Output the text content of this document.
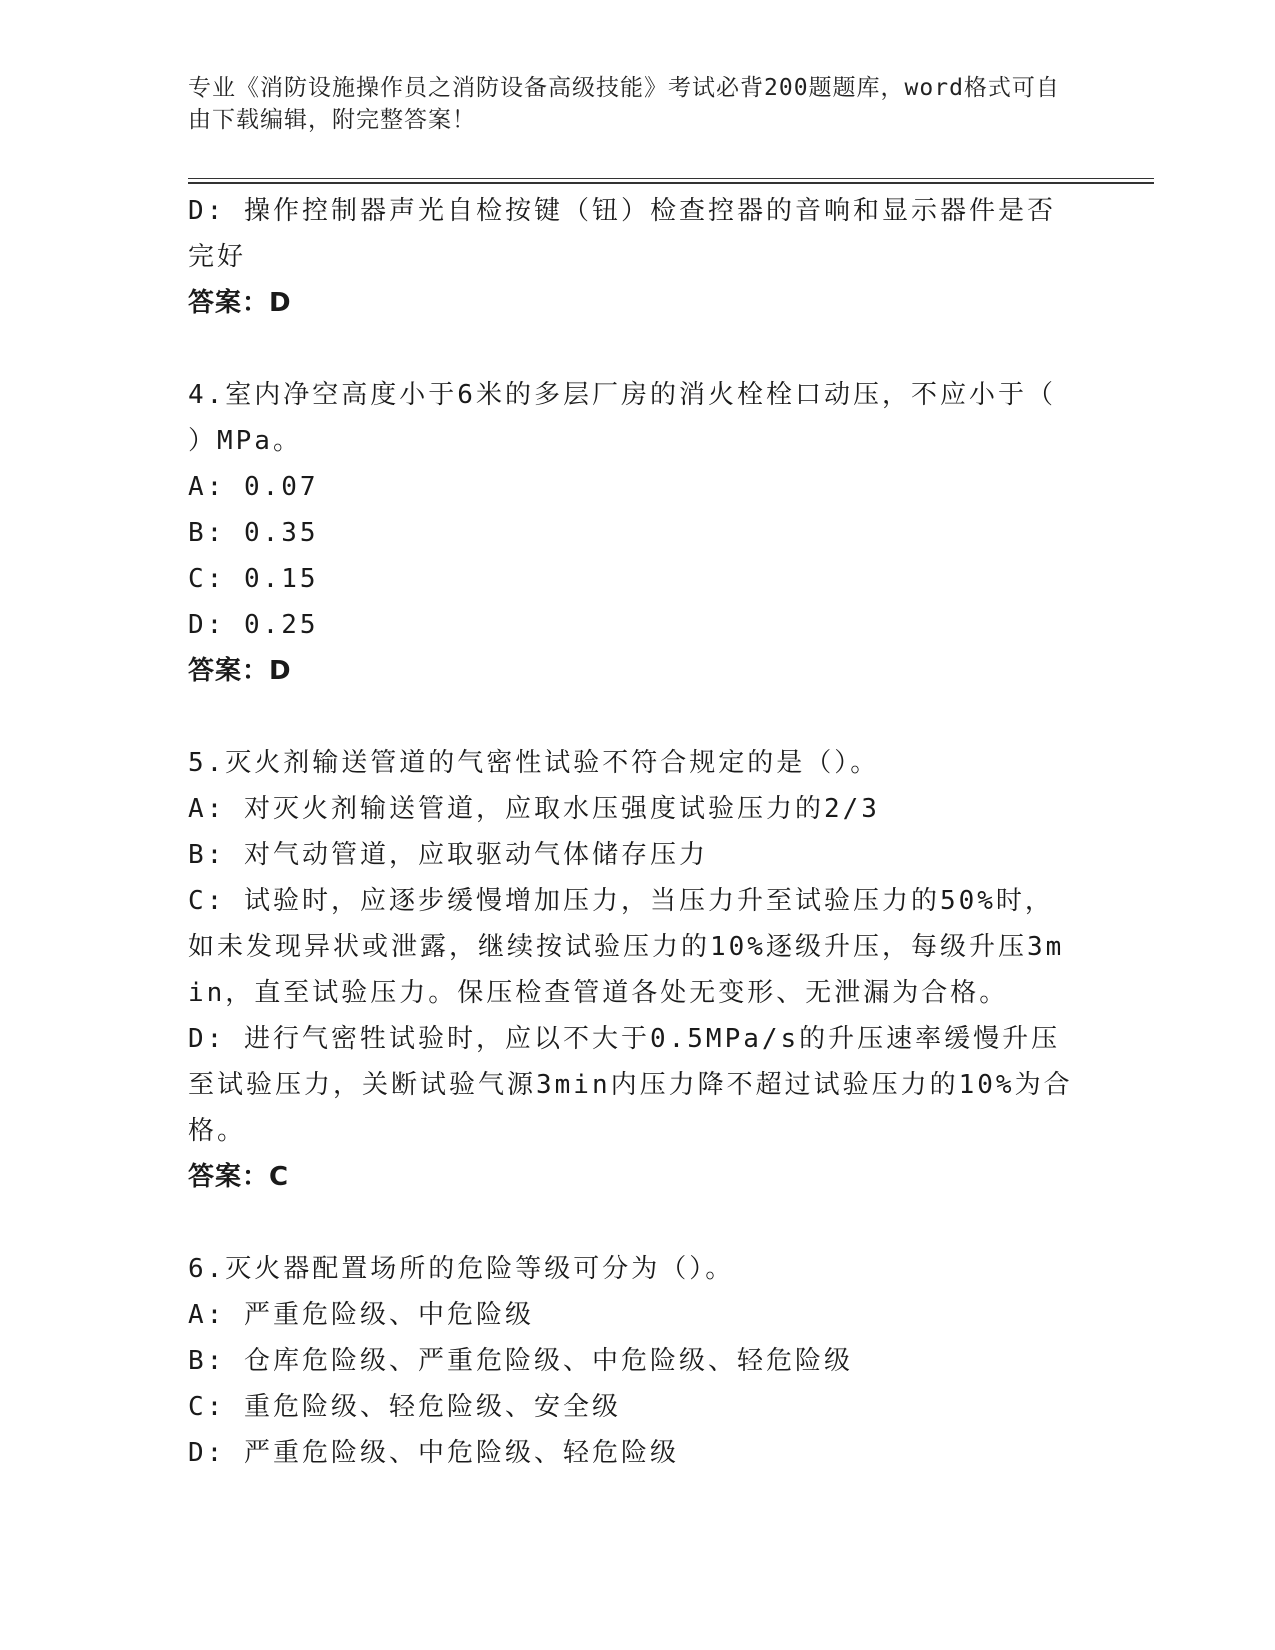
专业《消防设施操作员之消防设备高级技能》考试必背200题题库，word格式可自由下载编辑，附完整答案！
D: 操作控制器声光自检按键（钮）检查控器的音响和显示器件是否完好
答案：D
4.室内净空高度小于6米的多层厂房的消火栓栓口动压，不应小于（ ）MPa。
A: 0.07
B: 0.35
C: 0.15
D: 0.25
答案：D
5.灭火剂输送管道的气密性试验不符合规定的是（）。
A: 对灭火剂输送管道，应取水压强度试验压力的2/3
B: 对气动管道，应取驱动气体储存压力
C: 试验时，应逐步缓慢增加压力，当压力升至试验压力的50%时，如未发现异状或泄露，继续按试验压力的10%逐级升压，每级升压3min，直至试验压力。保压检查管道各处无变形、无泄漏为合格。
D: 进行气密牲试验时，应以不大于0.5MPa/s的升压速率缓慢升压至试验压力，关断试验气源3min内压力降不超过试验压力的10%为合格。
答案：C
6.灭火器配置场所的危险等级可分为（）。
A: 严重危险级、中危险级
B: 仓库危险级、严重危险级、中危险级、轻危险级
C: 重危险级、轻危险级、安全级
D: 严重危险级、中危险级、轻危险级
